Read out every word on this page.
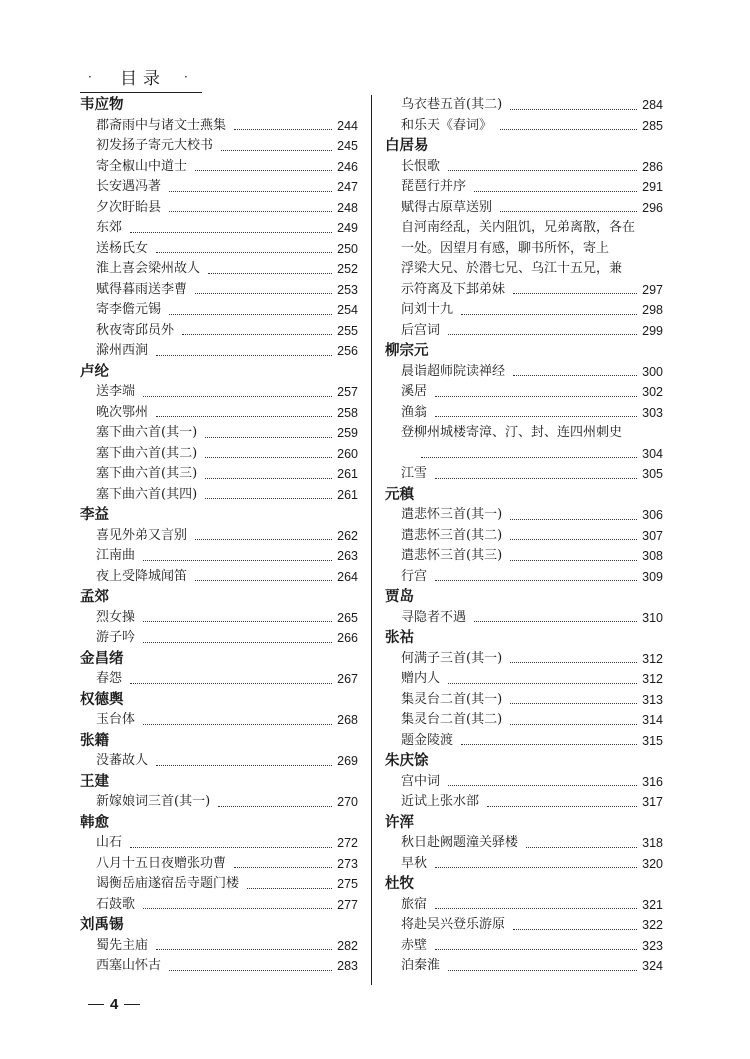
· 目录 ·
韦应物
郡斋雨中与诸文士燕集	244
初发扬子寄元大校书	245
寄全椒山中道士	246
长安遇冯著	247
夕次盱眙县	248
东郊	249
送杨氏女	250
淮上喜会梁州故人	252
赋得暮雨送李曹	253
寄李儋元锡	254
秋夜寄邱员外	255
滁州西涧	256
卢纶
送李端	257
晚次鄂州	258
塞下曲六首(其一)	259
塞下曲六首(其二)	260
塞下曲六首(其三)	261
塞下曲六首(其四)	261
李益
喜见外弟又言别	262
江南曲	263
夜上受降城闻笛	264
孟郊
烈女操	265
游子吟	266
金昌绪
春怨	267
权德舆
玉台体	268
张籍
没蕃故人	269
王建
新嫁娘词三首(其一)	270
韩愈
山石	272
八月十五日夜赠张功曹	273
谒衡岳庙遂宿岳寺题门楼	275
石鼓歌	277
刘禹锡
蜀先主庙	282
西塞山怀古	283
乌衣巷五首(其二)	284
和乐天《春词》	285
白居易
长恨歌	286
琵琶行并序	291
赋得古原草送别	296
自河南经乱，关内阻饥，兄弟离散，各在
一处。因望月有感，聊书所怀，寄上
浮梁大兄、於潜七兄、乌江十五兄，兼
示符离及下邽弟妹	297
问刘十九	298
后宫词	299
柳宗元
晨诣超师院读禅经	300
溪居	302
渔翁	303
登柳州城楼寄漳、汀、封、连四州刺史
304
江雪	305
元稹
遣悲怀三首(其一)	306
遣悲怀三首(其二)	307
遣悲怀三首(其三)	308
行宫	309
贾岛
寻隐者不遇	310
张祜
何满子三首(其一)	312
赠内人	312
集灵台二首(其一)	313
集灵台二首(其二)	314
题金陵渡	315
朱庆馀
宫中词	316
近试上张水部	317
许浑
秋日赴阙题潼关驿楼	318
早秋	320
杜牧
旅宿	321
将赴吴兴登乐游原	322
赤壁	323
泊秦淮	324
4
